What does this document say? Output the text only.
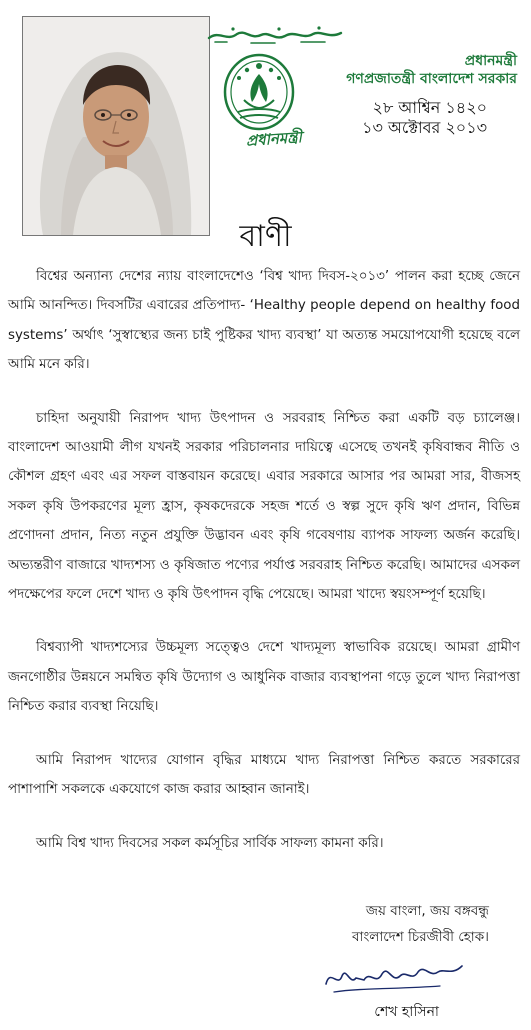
প্রধানমন্ত্রী
প্রধানমন্ত্রী
গণপ্রজাতন্ত্রী বাংলাদেশ সরকার
২৮ আশ্বিন ১৪২০
১৩ অক্টোবর ২০১৩
বাণী

বিশ্বের অন্যান্য দেশের ন্যায় বাংলাদেশেও ‘বিশ্ব খাদ্য দিবস-২০১৩’ পালন করা হচ্ছে জেনে আমি আনন্দিত। দিবসটির এবারের প্রতিপাদ্য- ‘Healthy people depend on healthy food systems’ অর্থাৎ ‘সুস্বাস্থ্যের জন্য চাই পুষ্টিকর খাদ্য ব্যবস্থা’ যা অত্যন্ত সময়োপযোগী হয়েছে বলে আমি মনে করি।

চাহিদা অনুযায়ী নিরাপদ খাদ্য উৎপাদন ও সরবরাহ নিশ্চিত করা একটি বড় চ্যালেঞ্জ। বাংলাদেশ আওয়ামী লীগ যখনই সরকার পরিচালনার দায়িত্বে এসেছে তখনই কৃষিবান্ধব নীতি ও কৌশল গ্রহণ এবং এর সফল বাস্তবায়ন করেছে। এবার সরকারে আসার পর আমরা সার, বীজসহ সকল কৃষি উপকরণের মূল্য হ্রাস, কৃষকদেরকে সহজ শর্তে ও স্বল্প সুদে কৃষি ঋণ প্রদান, বিভিন্ন প্রণোদনা প্রদান, নিত্য নতুন প্রযুক্তি উদ্ভাবন এবং কৃষি গবেষণায় ব্যাপক সাফল্য অর্জন করেছি। অভ্যন্তরীণ বাজারে খাদ্যশস্য ও কৃষিজাত পণ্যের পর্যাপ্ত সরবরাহ নিশ্চিত করেছি। আমাদের এসকল পদক্ষেপের ফলে দেশে খাদ্য ও কৃষি উৎপাদন বৃদ্ধি পেয়েছে। আমরা খাদ্যে স্বয়ংসম্পূর্ণ হয়েছি।

বিশ্বব্যাপী খাদ্যশস্যের উচ্চমূল্য সত্ত্বেও দেশে খাদ্যমূল্য স্বাভাবিক রয়েছে। আমরা গ্রামীণ জনগোষ্ঠীর উন্নয়নে সমন্বিত কৃষি উদ্যোগ ও আধুনিক বাজার ব্যবস্থাপনা গড়ে তুলে খাদ্য নিরাপত্তা নিশ্চিত করার ব্যবস্থা নিয়েছি।

আমি নিরাপদ খাদ্যের যোগান বৃদ্ধির মাধ্যমে খাদ্য নিরাপত্তা নিশ্চিত করতে সরকারের পাশাপাশি সকলকে একযোগে কাজ করার আহ্বান জানাই।

আমি বিশ্ব খাদ্য দিবসের সকল কর্মসূচির সার্বিক সাফল্য কামনা করি।

জয় বাংলা, জয় বঙ্গবন্ধু
বাংলাদেশ চিরজীবী হোক।
শেখ হাসিনা
